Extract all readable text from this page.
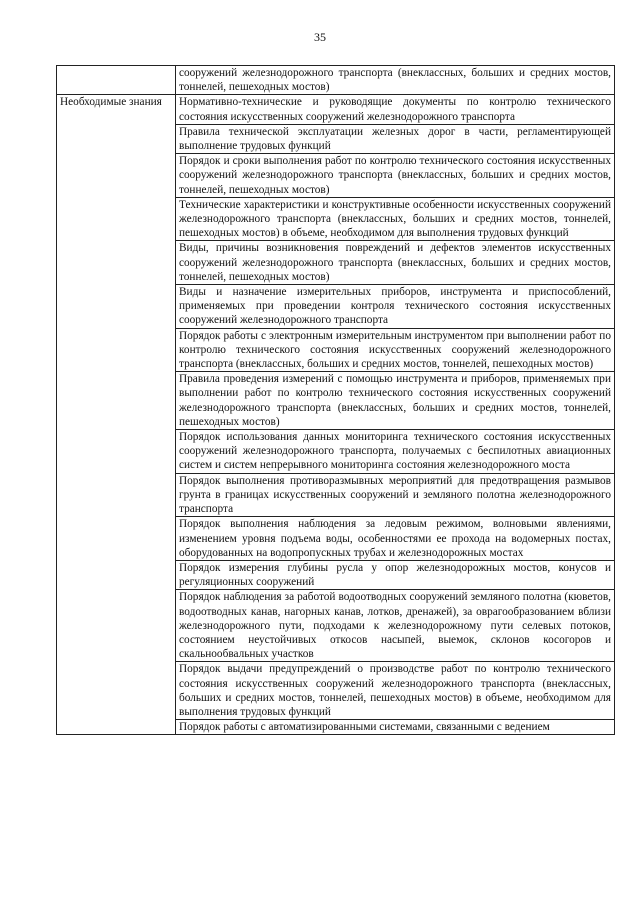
35
	сооружений железнодорожного транспорта (внеклассных, больших и средних мостов, тоннелей, пешеходных мостов)
Необходимые знания	Нормативно-технические и руководящие документы по контролю технического состояния искусственных сооружений железнодорожного транспорта
	Правила технической эксплуатации железных дорог в части, регламентирующей выполнение трудовых функций
	Порядок и сроки выполнения работ по контролю технического состояния искусственных сооружений железнодорожного транспорта (внеклассных, больших и средних мостов, тоннелей, пешеходных мостов)
	Технические характеристики и конструктивные особенности искусственных сооружений железнодорожного транспорта (внеклассных, больших и средних мостов, тоннелей, пешеходных мостов) в объеме, необходимом для выполнения трудовых функций
	Виды, причины возникновения повреждений и дефектов элементов искусственных сооружений железнодорожного транспорта (внеклассных, больших и средних мостов, тоннелей, пешеходных мостов)
	Виды и назначение измерительных приборов, инструмента и приспособлений, применяемых при проведении контроля технического состояния искусственных сооружений железнодорожного транспорта
	Порядок работы с электронным измерительным инструментом при выполнении работ по контролю технического состояния искусственных сооружений железнодорожного транспорта (внеклассных, больших и средних мостов, тоннелей, пешеходных мостов)
	Правила проведения измерений с помощью инструмента и приборов, применяемых при выполнении работ по контролю технического состояния искусственных сооружений железнодорожного транспорта (внеклассных, больших и средних мостов, тоннелей, пешеходных мостов)
	Порядок использования данных мониторинга технического состояния искусственных сооружений железнодорожного транспорта, получаемых с беспилотных авиационных систем и систем непрерывного мониторинга состояния железнодорожного моста
	Порядок выполнения противоразмывных мероприятий для предотвращения размывов грунта в границах искусственных сооружений и земляного полотна железнодорожного транспорта
	Порядок выполнения наблюдения за ледовым режимом, волновыми явлениями, изменением уровня подъема воды, особенностями ее прохода на водомерных постах, оборудованных на водопропускных трубах и железнодорожных мостах
	Порядок измерения глубины русла у опор железнодорожных мостов, конусов и регуляционных сооружений
	Порядок наблюдения за работой водоотводных сооружений земляного полотна (кюветов, водоотводных канав, нагорных канав, лотков, дренажей), за оврагообразованием вблизи железнодорожного пути, подходами к железнодорожному пути селевых потоков, состоянием неустойчивых откосов насыпей, выемок, склонов косогоров и скальнообвальных участков
	Порядок выдачи предупреждений о производстве работ по контролю технического состояния искусственных сооружений железнодорожного транспорта (внеклассных, больших и средних мостов, тоннелей, пешеходных мостов) в объеме, необходимом для выполнения трудовых функций
	Порядок работы с автоматизированными системами, связанными с ведением
